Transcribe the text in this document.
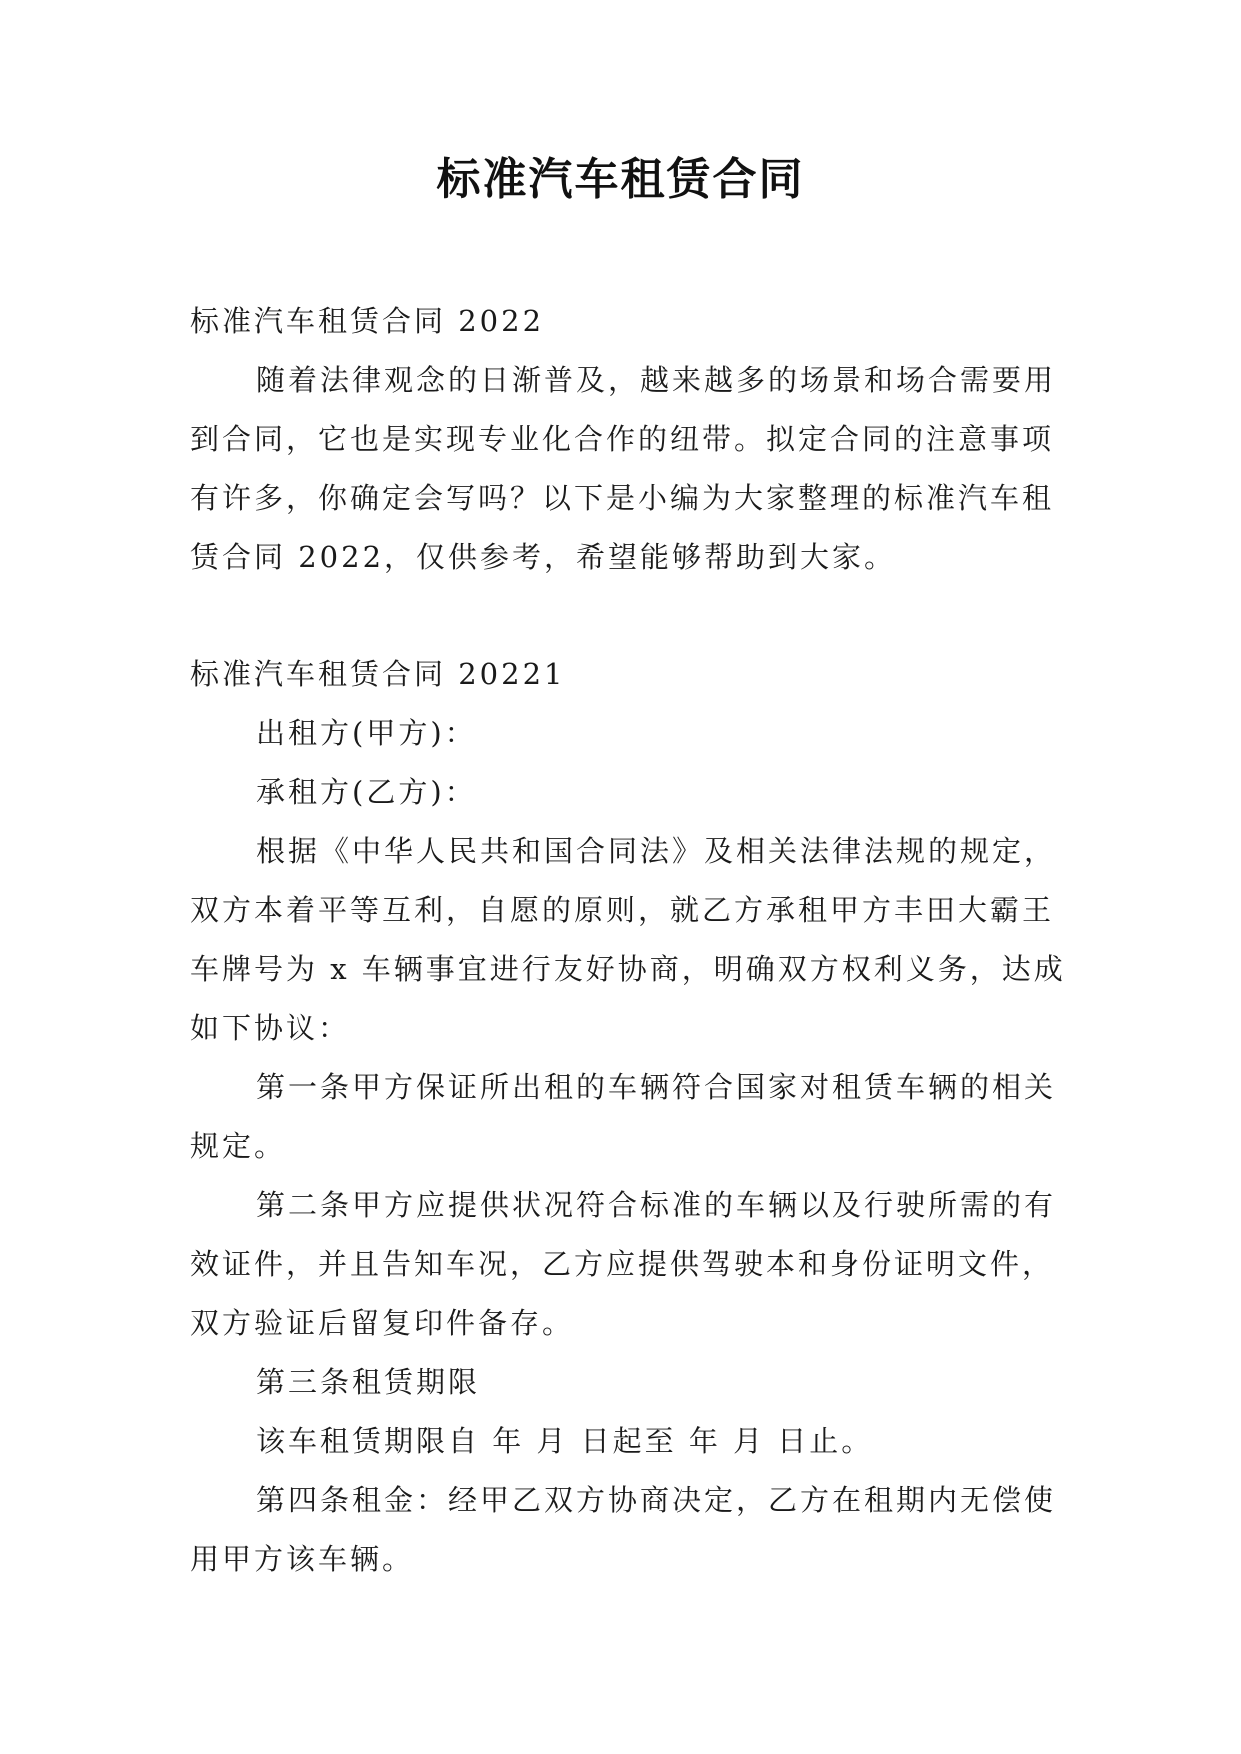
标准汽车租赁合同

标准汽车租赁合同 2022

随着法律观念的日渐普及，越来越多的场景和场合需要用到合同，它也是实现专业化合作的纽带。拟定合同的注意事项有许多，你确定会写吗？以下是小编为大家整理的标准汽车租赁合同 2022，仅供参考，希望能够帮助到大家。

标准汽车租赁合同 20221

出租方(甲方)：

承租方(乙方)：

根据《中华人民共和国合同法》及相关法律法规的规定，双方本着平等互利，自愿的原则，就乙方承租甲方丰田大霸王车牌号为 x 车辆事宜进行友好协商，明确双方权利义务，达成如下协议：

第一条甲方保证所出租的车辆符合国家对租赁车辆的相关规定。

第二条甲方应提供状况符合标准的车辆以及行驶所需的有效证件，并且告知车况，乙方应提供驾驶本和身份证明文件，双方验证后留复印件备存。

第三条租赁期限

该车租赁期限自 年 月 日起至 年 月 日止。

第四条租金：经甲乙双方协商决定，乙方在租期内无偿使用甲方该车辆。
